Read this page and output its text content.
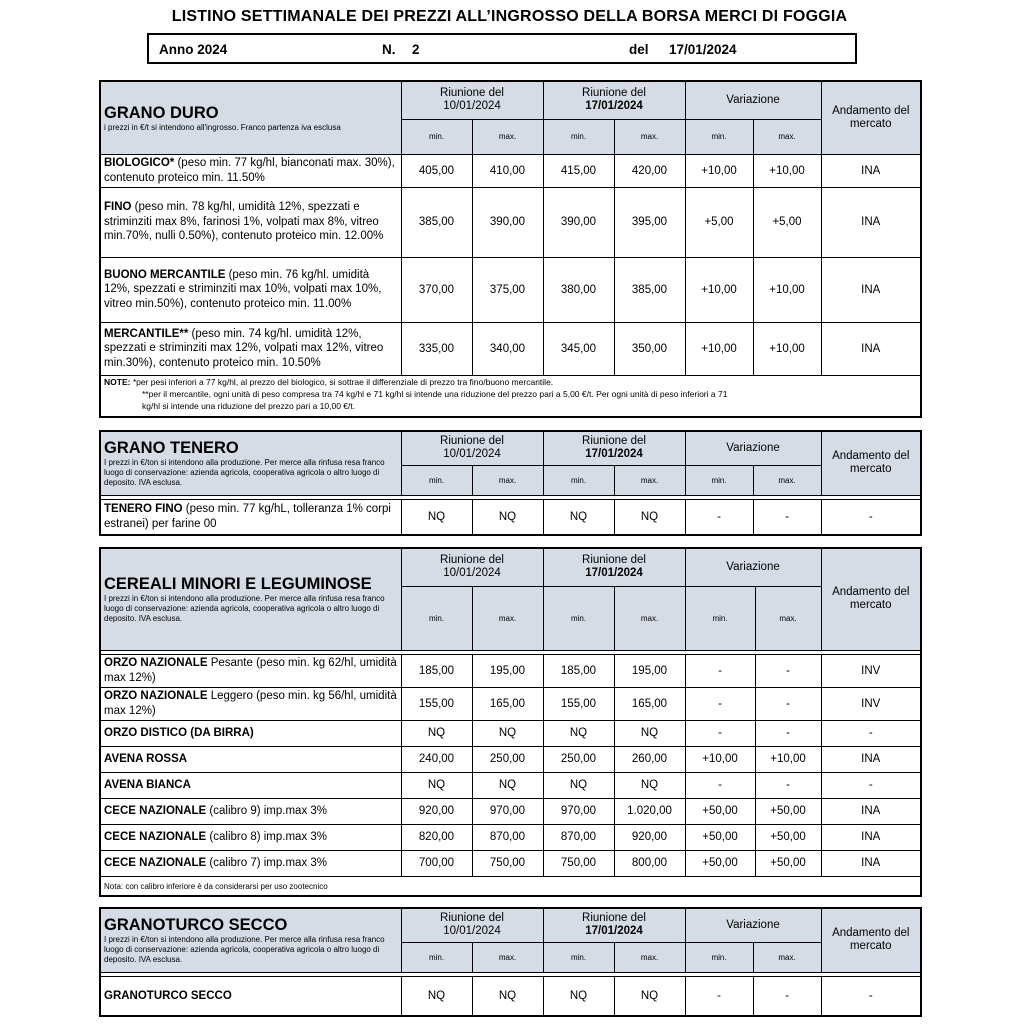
LISTINO SETTIMANALE DEI PREZZI ALL’INGROSSO DELLA BORSA MERCI DI FOGGIA
Anno 2024	N. 2	del 17/01/2024
GRANO DURO
i prezzi in €/t si intendono all'ingrosso. Franco partenza iva esclusa	Riunione del
10/01/2024		Riunione del
17/01/2024		Variazione		Andamento del mercato
	min.	max.	min.	max.	min.	max.	
BIOLOGICO* (peso min. 77 kg/hl, bianconati max. 30%), contenuto proteico min. 11.50%	405,00	410,00	415,00	420,00	+10,00	+10,00	INA
FINO (peso min. 78 kg/hl, umidità 12%, spezzati e striminziti max 8%, farinosi 1%, volpati max 8%, vitreo min.70%, nulli 0.50%), contenuto proteico min. 12.00%	385,00	390,00	390,00	395,00	+5,00	+5,00	INA
BUONO MERCANTILE (peso min. 76 kg/hl. umidità 12%, spezzati e striminziti max 10%, volpati max 10%, vitreo min.50%), contenuto proteico min. 11.00%	370,00	375,00	380,00	385,00	+10,00	+10,00	INA
MERCANTILE** (peso min. 74 kg/hl. umidità 12%, spezzati e striminziti max 12%, volpati max 12%, vitreo min.30%), contenuto proteico min. 10.50%	335,00	340,00	345,00	350,00	+10,00	+10,00	INA
NOTE: *per pesi inferiori a 77 kg/hl, al prezzo del biologico, si sottrae il differenziale di prezzo tra fino/buono mercantile.
**per il mercantile, ogni unità di peso compresa tra 74 kg/hl e 71 kg/hl si intende una riduzione del prezzo pari a 5,00 €/t. Per ogni unità di peso inferiori a 71
kg/hl si intende una riduzione del prezzo pari a 10,00 €/t.							
GRANO TENERO
I prezzi in €/ton si intendono alla produzione. Per merce alla rinfusa resa franco luogo di conservazione: azienda agricola, cooperativa agricola o altro luogo di deposito. IVA esclusa.	Riunione del
10/01/2024		Riunione del
17/01/2024		Variazione		Andamento del mercato
	min.	max.	min.	max.	min.	max.	

TENERO FINO (peso min. 77 kg/hL, tolleranza 1% corpi estranei) per farine 00	NQ	NQ	NQ	NQ	-	-	-
CEREALI MINORI E LEGUMINOSE
I prezzi in €/ton si intendono alla produzione. Per merce alla rinfusa resa franco luogo di conservazione: azienda agricola, cooperativa agricola o altro luogo di deposito. IVA esclusa.	Riunione del
10/01/2024		Riunione del
17/01/2024		Variazione		Andamento del mercato
	min.	max.	min.	max.	min.	max.	

ORZO NAZIONALE Pesante (peso min. kg 62/hl, umidità max 12%)	185,00	195,00	185,00	195,00	-	-	INV
ORZO NAZIONALE Leggero (peso min. kg 56/hl, umidità max 12%)	155,00	165,00	155,00	165,00	-	-	INV
ORZO DISTICO (DA BIRRA)	NQ	NQ	NQ	NQ	-	-	-
AVENA ROSSA	240,00	250,00	250,00	260,00	+10,00	+10,00	INA
AVENA BIANCA	NQ	NQ	NQ	NQ	-	-	-
CECE NAZIONALE (calibro 9) imp.max 3%	920,00	970,00	970,00	1.020,00	+50,00	+50,00	INA
CECE NAZIONALE (calibro 8) imp.max 3%	820,00	870,00	870,00	920,00	+50,00	+50,00	INA
CECE NAZIONALE (calibro 7) imp.max 3%	700,00	750,00	750,00	800,00	+50,00	+50,00	INA
Nota: con calibro inferiore è da considerarsi per uso zootecnico							
GRANOTURCO SECCO
I prezzi in €/ton si intendono alla produzione. Per merce alla rinfusa resa franco luogo di conservazione: azienda agricola, cooperativa agricola o altro luogo di deposito. IVA esclusa.	Riunione del
10/01/2024		Riunione del
17/01/2024		Variazione		Andamento del mercato
	min.	max.	min.	max.	min.	max.	

GRANOTURCO SECCO	NQ	NQ	NQ	NQ	-	-	-
